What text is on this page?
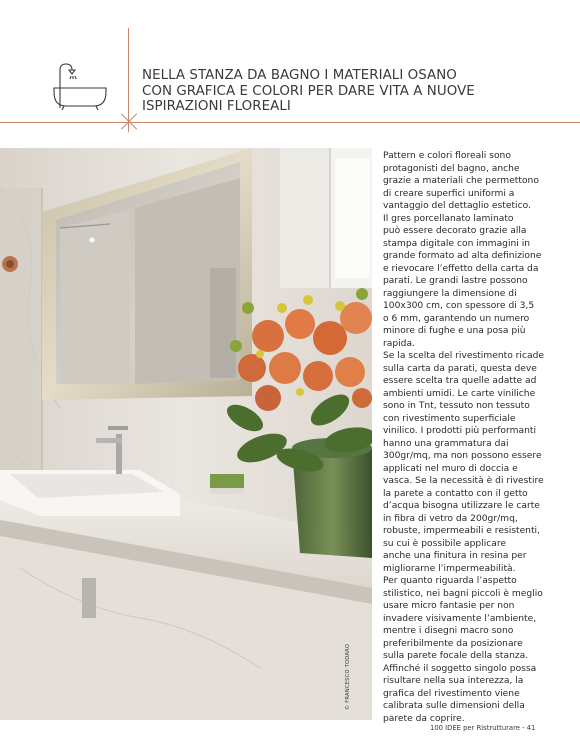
NELLA STANZA DA BAGNO I MATERIALI OSANO
CON GRAFICA E COLORI PER DARE VITA A NUOVE
ISPIRAZIONI FLOREALI
© FRANCESCO TODARO

Pattern e colori floreali sono
protagonisti del bagno, anche
grazie a materiali che permettono
di creare superfici uniformi a
vantaggio del dettaglio estetico.
Il gres porcellanato laminato
può essere decorato grazie alla
stampa digitale con immagini in
grande formato ad alta definizione
e rievocare l’effetto della carta da
parati. Le grandi lastre possono
raggiungere la dimensione di
100x300 cm, con spessore di 3,5
o 6 mm, garantendo un numero
minore di fughe e una posa più
rapida.
Se la scelta del rivestimento ricade
sulla carta da parati, questa deve
essere scelta tra quelle adatte ad
ambienti umidi. Le carte viniliche
sono in Tnt, tessuto non tessuto
con rivestimento superficiale
vinilico. I prodotti più performanti
hanno una grammatura dai
300gr/mq, ma non possono essere
applicati nel muro di doccia e
vasca. Se la necessità è di rivestire
la parete a contatto con il getto
d’acqua bisogna utilizzare le carte
in fibra di vetro da 200gr/mq,
robuste, impermeabili e resistenti,
su cui è possibile applicare
anche una finitura in resina per
migliorarne l’impermeabilità.
Per quanto riguarda l’aspetto
stilistico, nei bagni piccoli è meglio
usare micro fantasie per non
invadere visivamente l’ambiente,
mentre i disegni macro sono
preferibilmente da posizionare
sulla parete focale della stanza.
Affinché il soggetto singolo possa
risultare nella sua interezza, la
grafica del rivestimento viene
calibrata sulle dimensioni della
parete da coprire.

100 IDEE per Ristrutturare - 41
